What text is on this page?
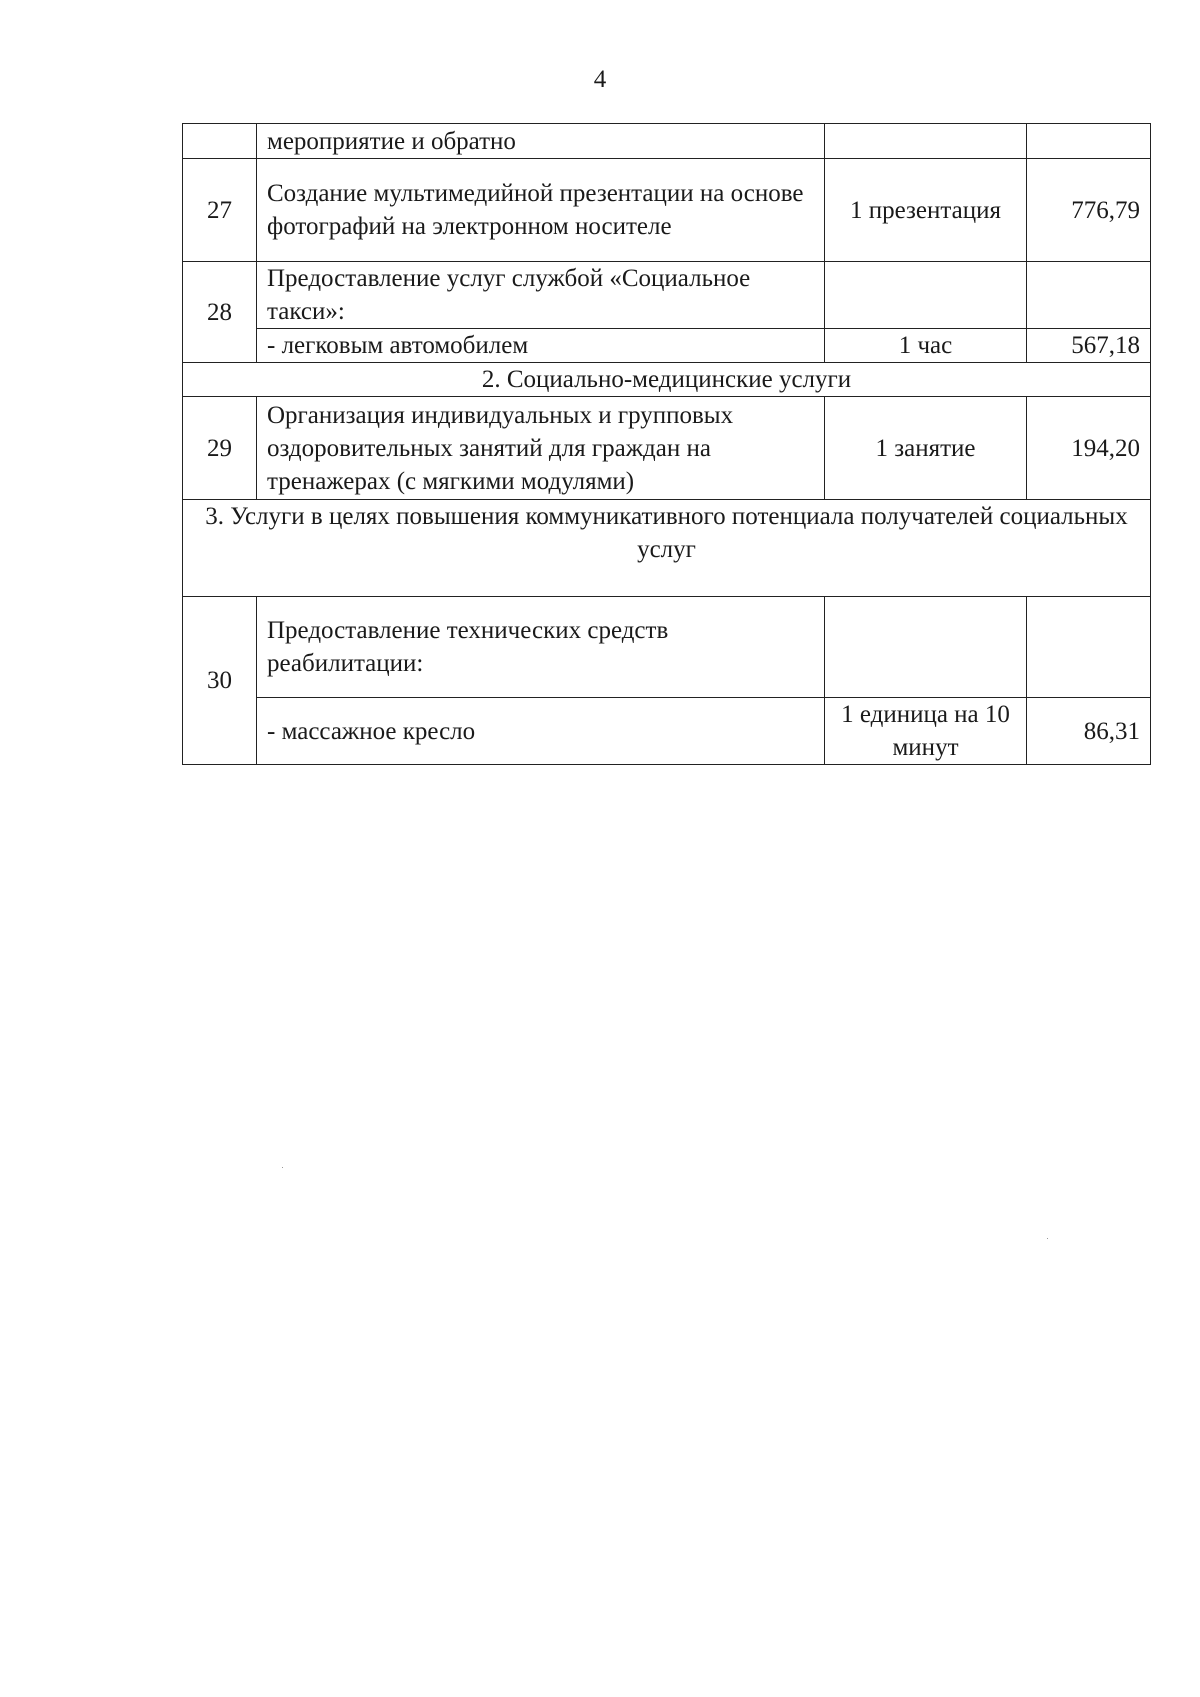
4
	мероприятие и обратно		
27	Создание мультимедийной презентации на основе фотографий на электронном носителе	1 презентация	776,79
28	Предоставление услуг службой «Социальное такси»:		
	- легковым автомобилем	1 час	567,18
2. Социально-медицинские услуги			
29	Организация индивидуальных и групповых оздоровительных занятий для граждан на тренажерах (с мягкими модулями)	1 занятие	194,20
3. Услуги в целях повышения коммуникативного потенциала получателей социальных услуг			
30	Предоставление технических средств реабилитации:		
	- массажное кресло	1 единица на 10 минут	86,31
